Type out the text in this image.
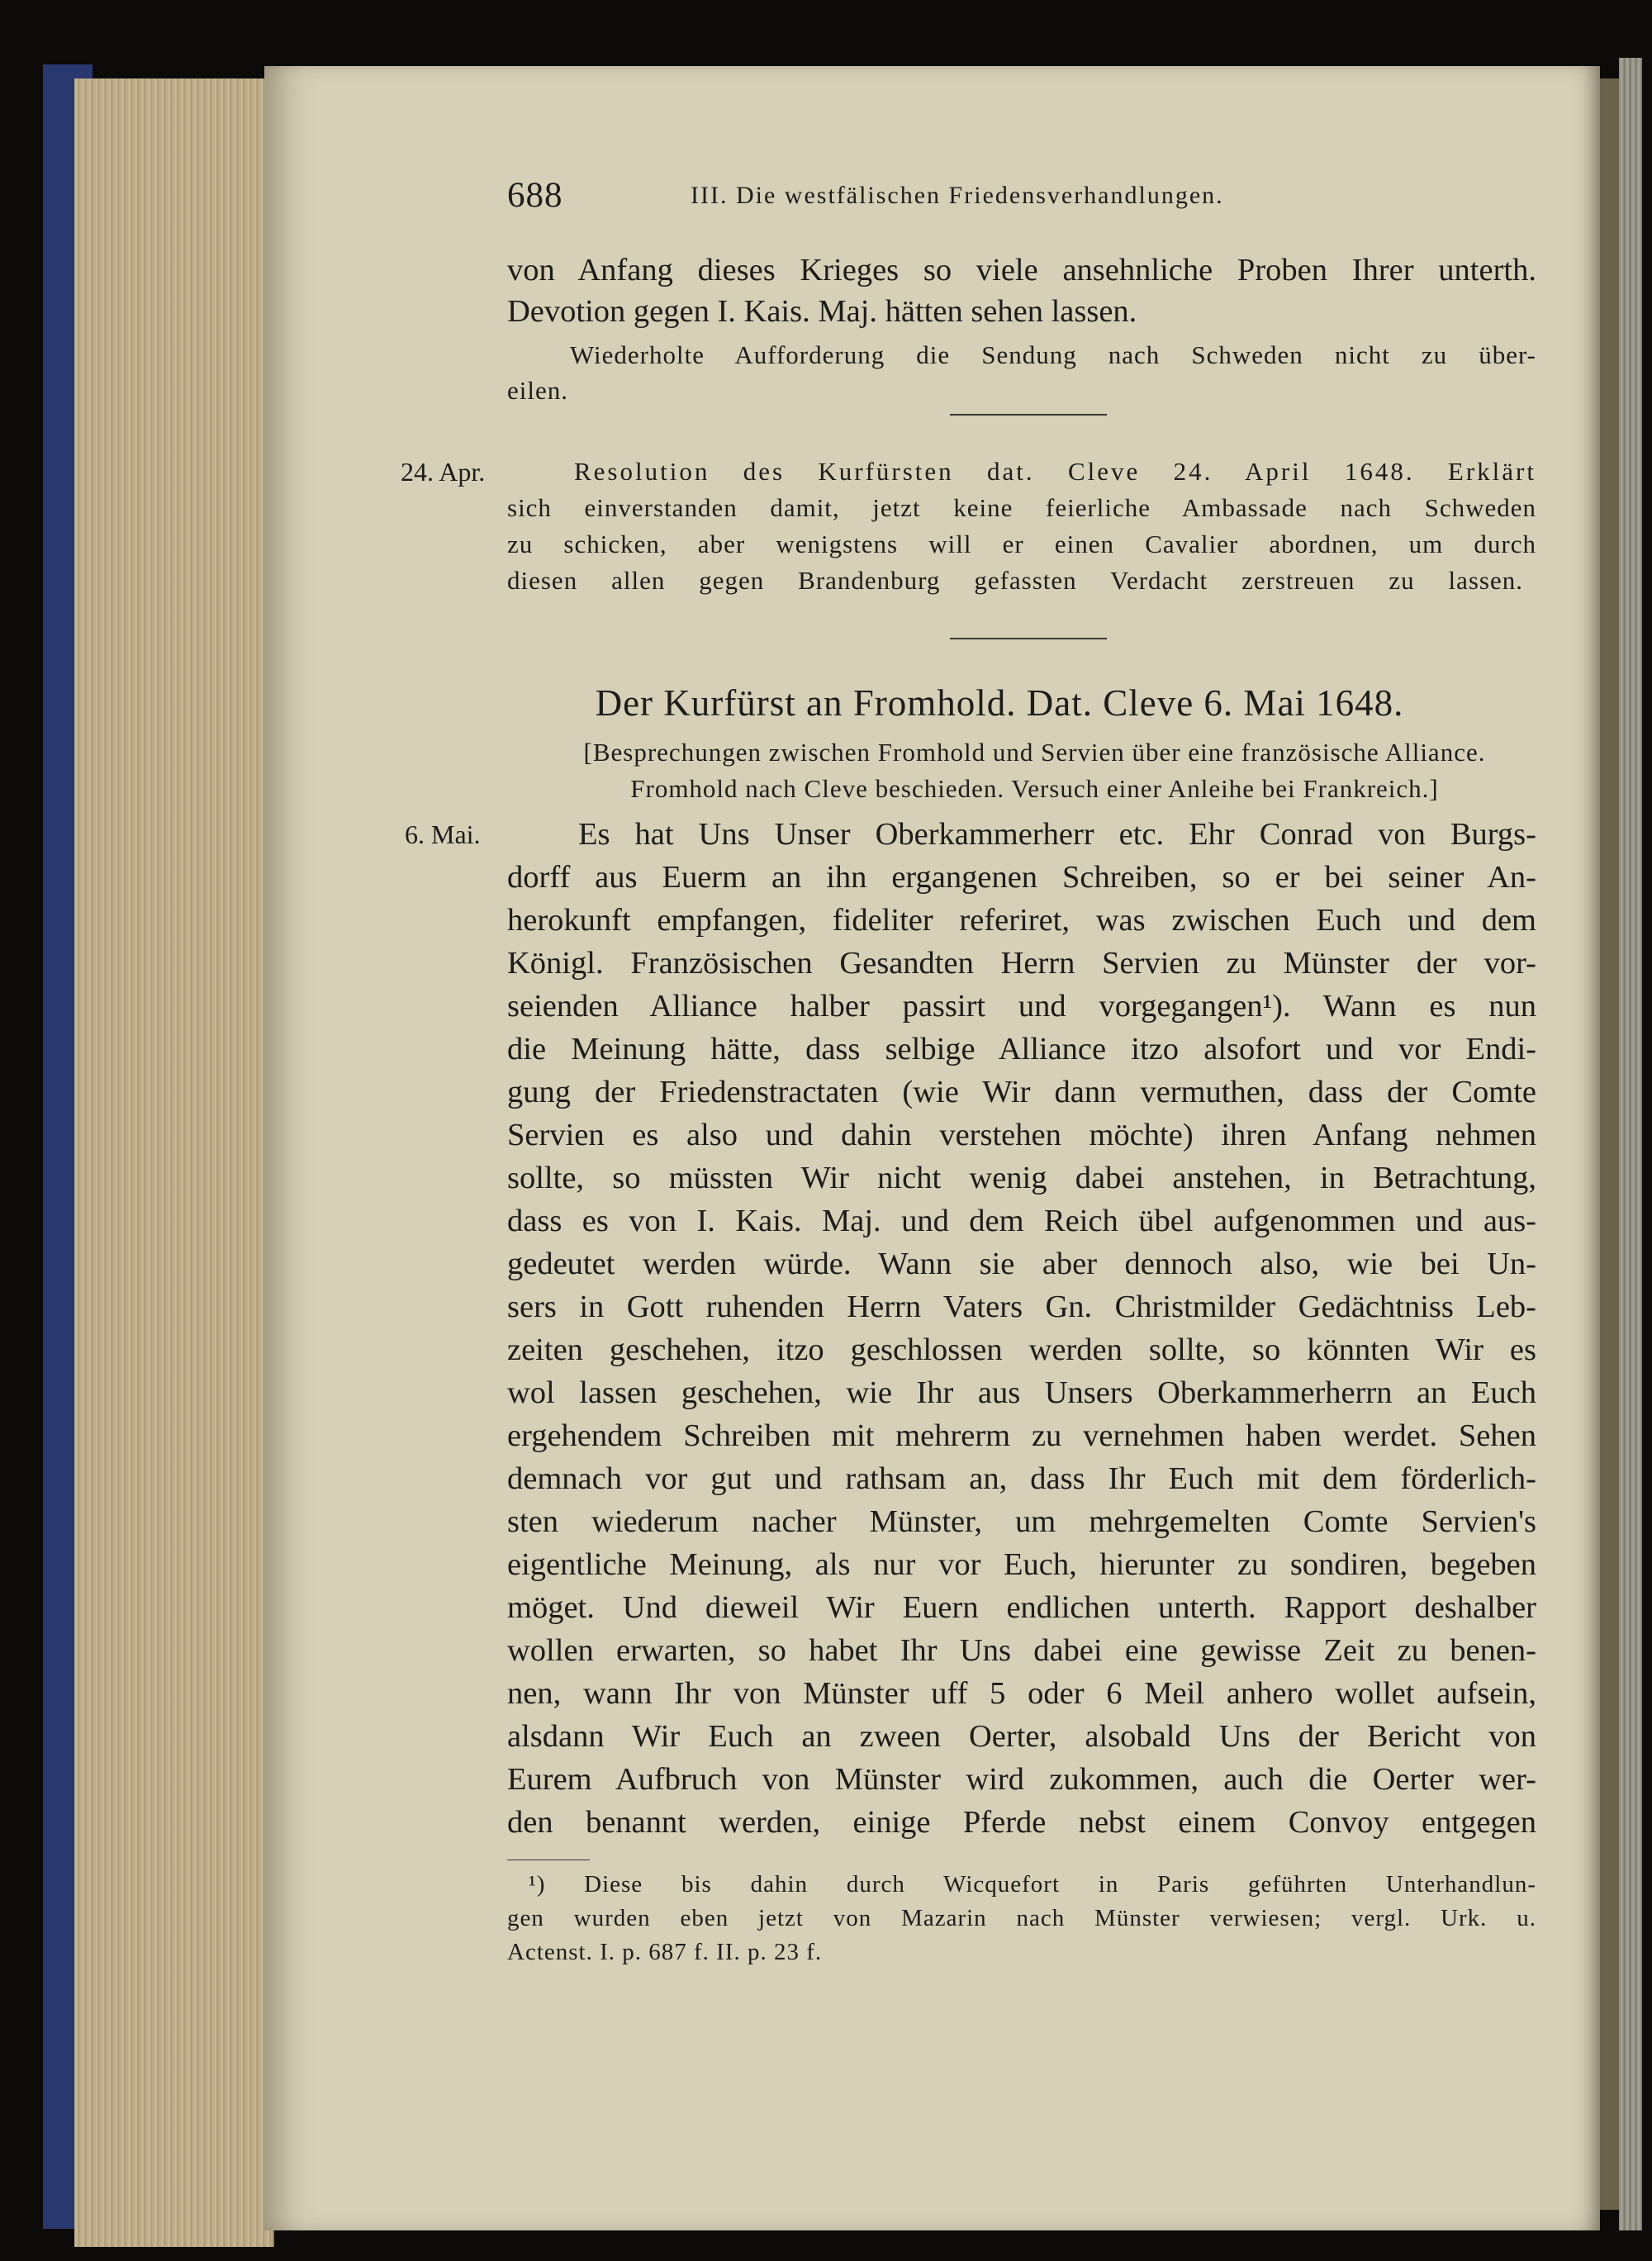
688	III. Die westfälischen Friedensverhandlungen.
von Anfang dieses Krieges so viele ansehnliche Proben Ihrer unterth.
Devotion gegen I. Kais. Maj. hätten sehen lassen.
Wiederholte Aufforderung die Sendung nach Schweden nicht zu über-
eilen.
24. Apr.	Resolution des Kurfürsten dat. Cleve 24. April 1648. Erklärt
sich einverstanden damit, jetzt keine feierliche Ambassade nach Schweden
zu schicken, aber wenigstens will er einen Cavalier abordnen, um durch
diesen allen gegen Brandenburg gefassten Verdacht zerstreuen zu lassen.
Der Kurfürst an Fromhold. Dat. Cleve 6. Mai 1648.
[Besprechungen zwischen Fromhold und Servien über eine französische Alliance.
Fromhold nach Cleve beschieden. Versuch einer Anleihe bei Frankreich.]
6. Mai.	Es hat Uns Unser Oberkammerherr etc. Ehr Conrad von Burgs-
dorff aus Euerm an ihn ergangenen Schreiben, so er bei seiner An-
herokunft empfangen, fideliter referiret, was zwischen Euch und dem
Königl. Französischen Gesandten Herrn Servien zu Münster der vor-
seienden Alliance halber passirt und vorgegangen¹). Wann es nun
die Meinung hätte, dass selbige Alliance itzo alsofort und vor Endi-
gung der Friedenstractaten (wie Wir dann vermuthen, dass der Comte
Servien es also und dahin verstehen möchte) ihren Anfang nehmen
sollte, so müssten Wir nicht wenig dabei anstehen, in Betrachtung,
dass es von I. Kais. Maj. und dem Reich übel aufgenommen und aus-
gedeutet werden würde. Wann sie aber dennoch also, wie bei Un-
sers in Gott ruhenden Herrn Vaters Gn. Christmilder Gedächtniss Leb-
zeiten geschehen, itzo geschlossen werden sollte, so könnten Wir es
wol lassen geschehen, wie Ihr aus Unsers Oberkammerherrn an Euch
ergehendem Schreiben mit mehrerm zu vernehmen haben werdet. Sehen
demnach vor gut und rathsam an, dass Ihr Euch mit dem förderlich-
sten wiederum nacher Münster, um mehrgemelten Comte Servien's
eigentliche Meinung, als nur vor Euch, hierunter zu sondiren, begeben
möget. Und dieweil Wir Euern endlichen unterth. Rapport deshalber
wollen erwarten, so habet Ihr Uns dabei eine gewisse Zeit zu benen-
nen, wann Ihr von Münster uff 5 oder 6 Meil anhero wollet aufsein,
alsdann Wir Euch an zween Oerter, alsobald Uns der Bericht von
Eurem Aufbruch von Münster wird zukommen, auch die Oerter wer-
den benannt werden, einige Pferde nebst einem Convoy entgegen
¹) Diese bis dahin durch Wicquefort in Paris geführten Unterhandlun-
gen wurden eben jetzt von Mazarin nach Münster verwiesen; vergl. Urk. u.
Actenst. I. p. 687 f. II. p. 23 f.
